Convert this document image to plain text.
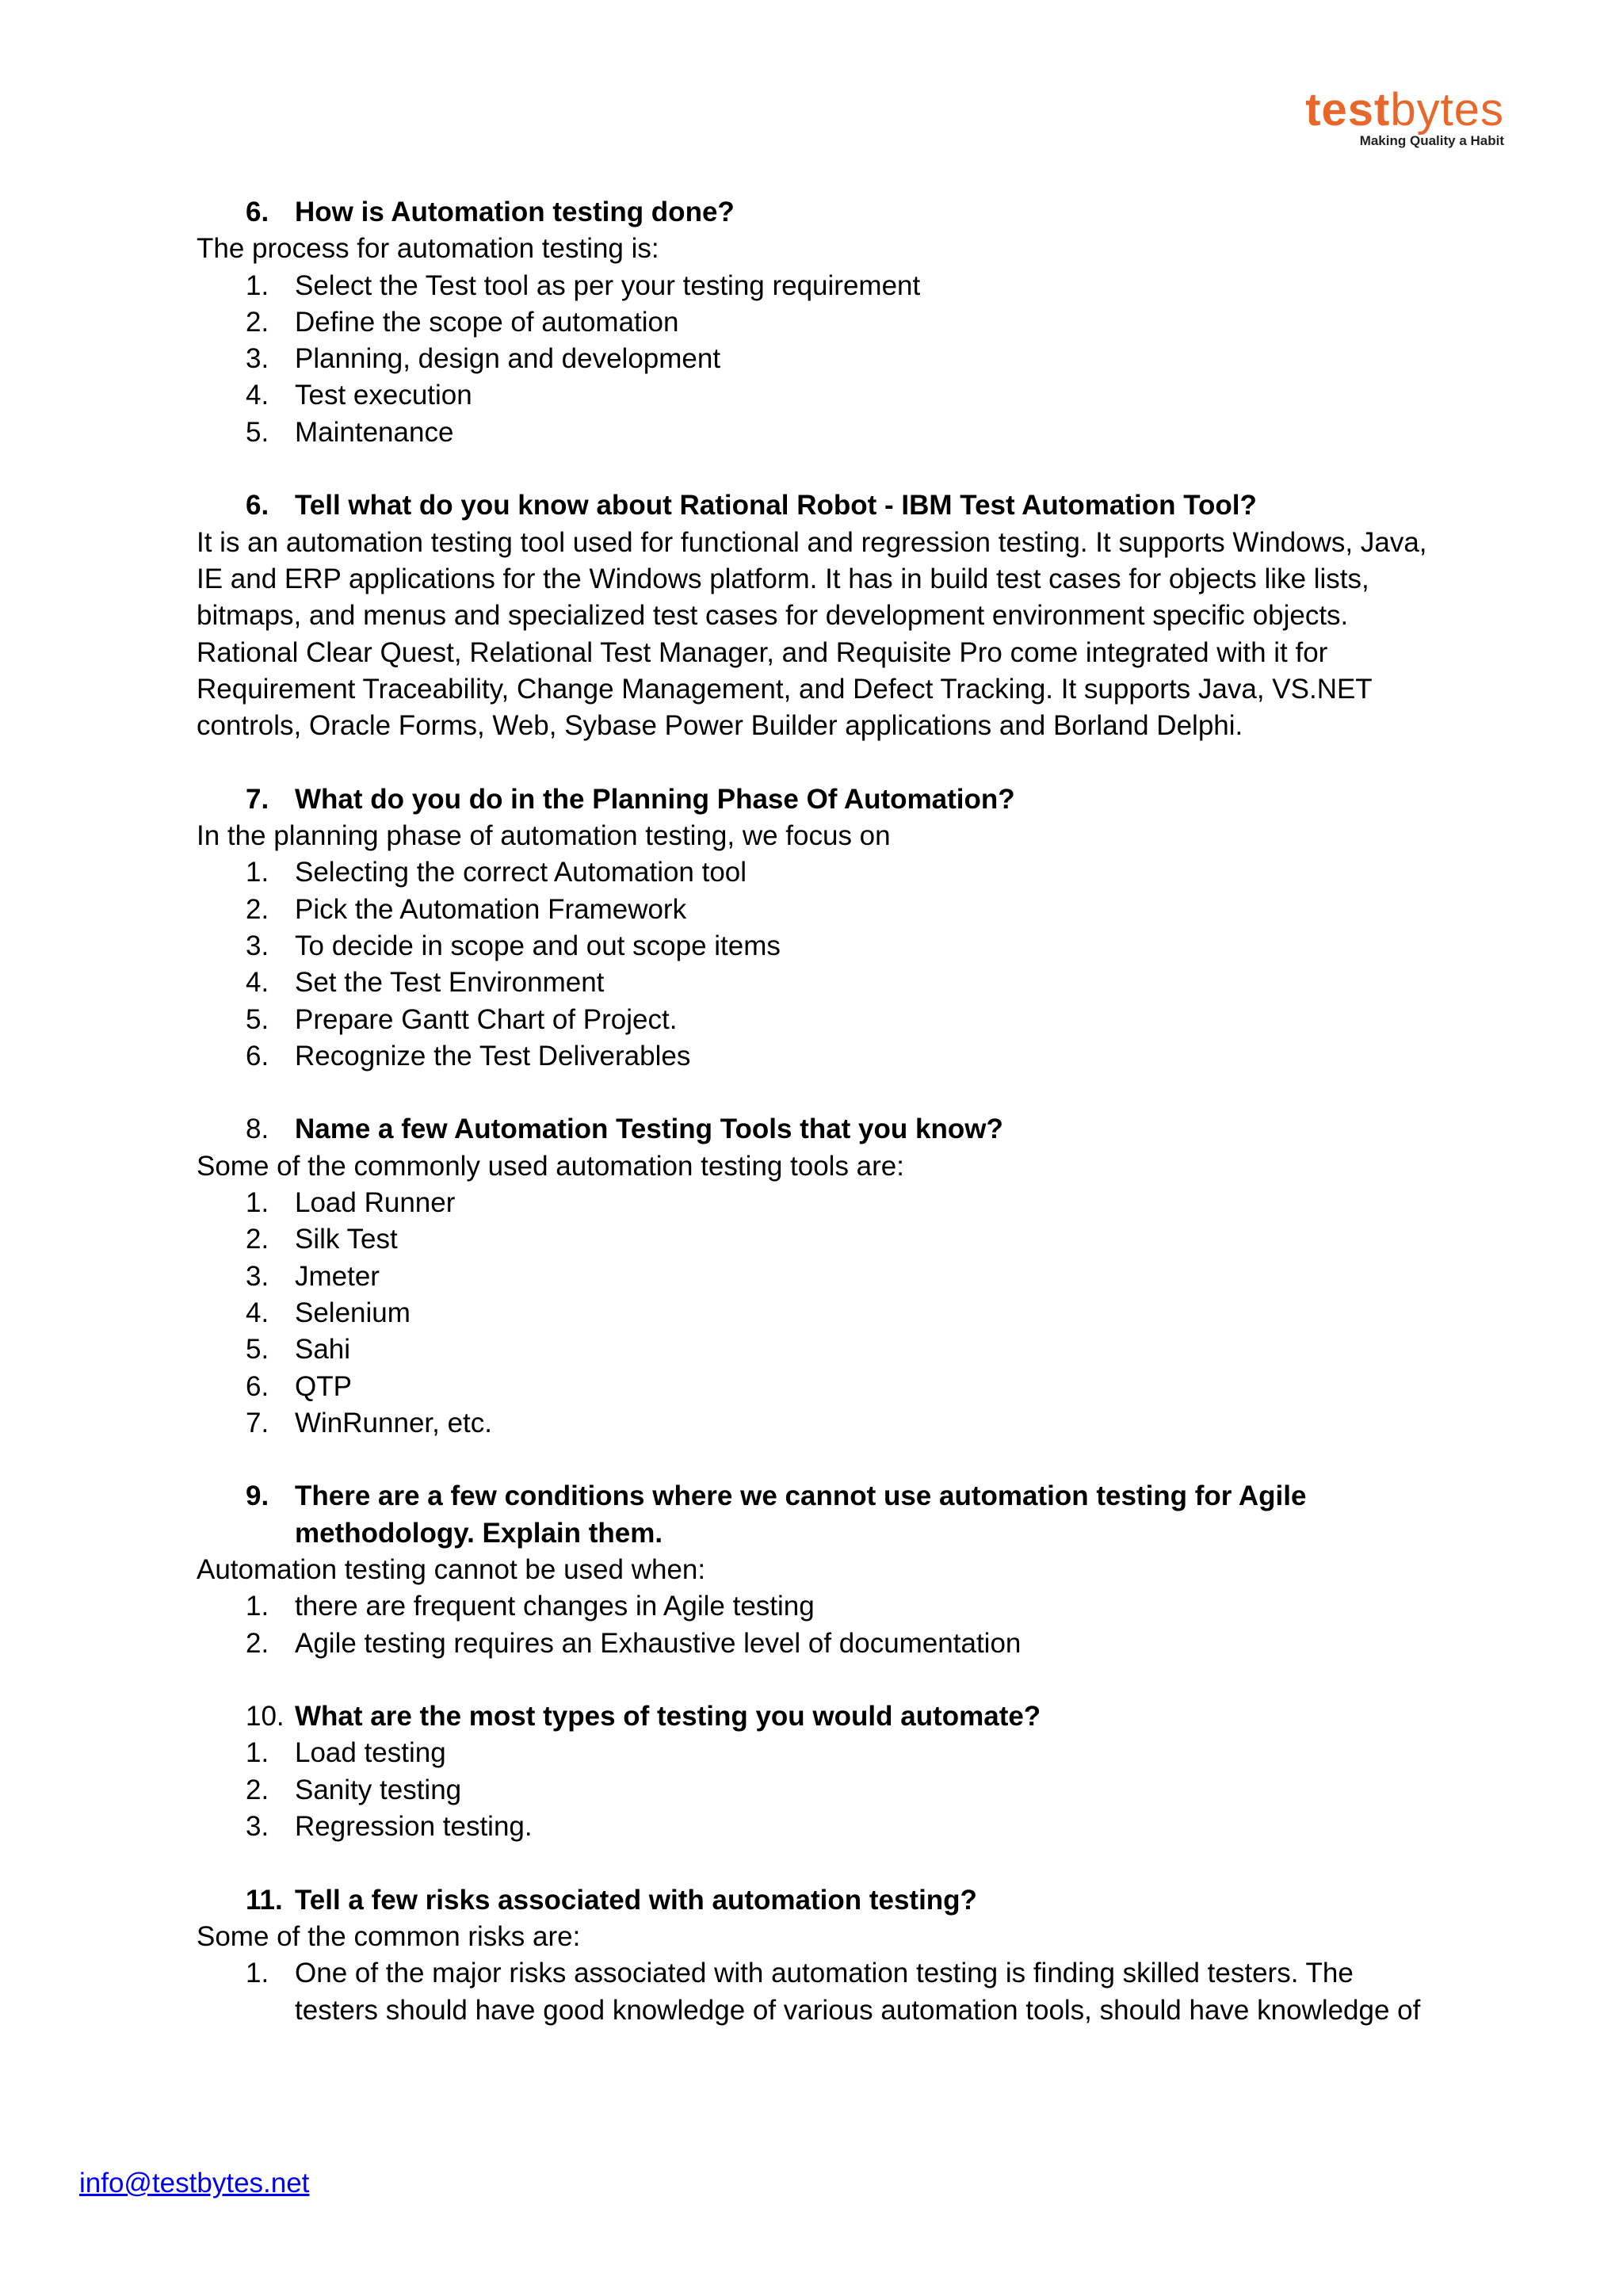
testbytes
Making Quality a Habit
6. How is Automation testing done?
The process for automation testing is:
1. Select the Test tool as per your testing requirement
2. Define the scope of automation
3. Planning, design and development
4. Test execution
5. Maintenance
6. Tell what do you know about Rational Robot - IBM Test Automation Tool?
It is an automation testing tool used for functional and regression testing. It supports Windows, Java,
IE and ERP applications for the Windows platform. It has in build test cases for objects like lists,
bitmaps, and menus and specialized test cases for development environment specific objects.
Rational Clear Quest, Relational Test Manager, and Requisite Pro come integrated with it for
Requirement Traceability, Change Management, and Defect Tracking. It supports Java, VS.NET
controls, Oracle Forms, Web, Sybase Power Builder applications and Borland Delphi.
7. What do you do in the Planning Phase Of Automation?
In the planning phase of automation testing, we focus on
1. Selecting the correct Automation tool
2. Pick the Automation Framework
3. To decide in scope and out scope items
4. Set the Test Environment
5. Prepare Gantt Chart of Project.
6. Recognize the Test Deliverables
8. Name a few Automation Testing Tools that you know?
Some of the commonly used automation testing tools are:
1. Load Runner
2. Silk Test
3. Jmeter
4. Selenium
5. Sahi
6. QTP
7. WinRunner, etc.
9. There are a few conditions where we cannot use automation testing for Agile
methodology. Explain them.
Automation testing cannot be used when:
1. there are frequent changes in Agile testing
2. Agile testing requires an Exhaustive level of documentation
10. What are the most types of testing you would automate?
1. Load testing
2. Sanity testing
3. Regression testing.
11. Tell a few risks associated with automation testing?
Some of the common risks are:
1. One of the major risks associated with automation testing is finding skilled testers. The
testers should have good knowledge of various automation tools, should have knowledge of
info@testbytes.net
